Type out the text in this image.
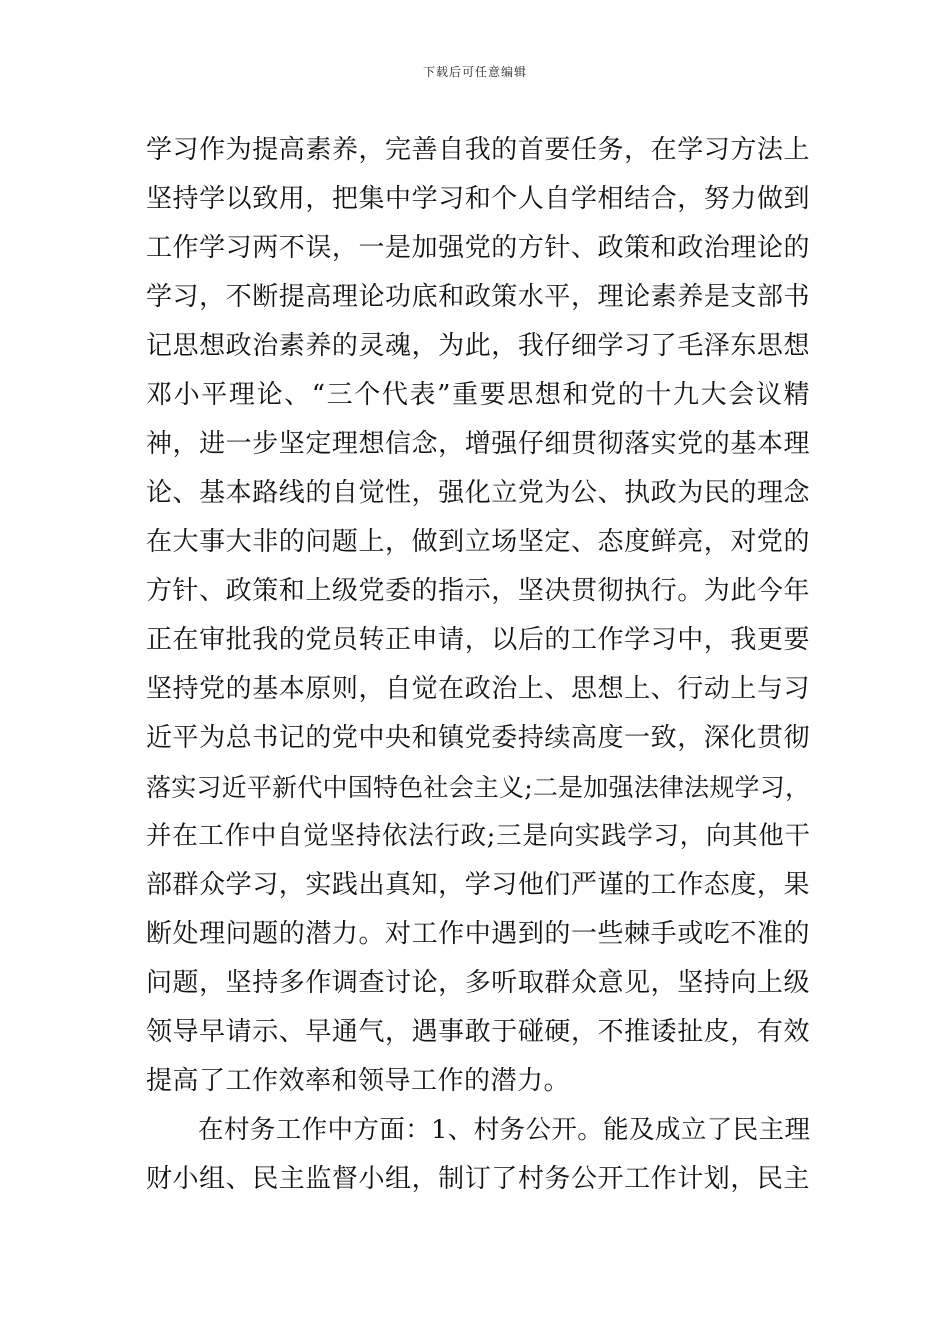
下载后可任意编辑
学习作为提高素养，完善自我的首要任务，在学习方法上
坚持学以致用，把集中学习和个人自学相结合，努力做到
工作学习两不误，一是加强党的方针、政策和政治理论的
学习，不断提高理论功底和政策水平，理论素养是支部书
记思想政治素养的灵魂，为此，我仔细学习了毛泽东思想
邓小平理论、“三个代表”重要思想和党的十九大会议精
神，进一步坚定理想信念，增强仔细贯彻落实党的基本理
论、基本路线的自觉性，强化立党为公、执政为民的理念
在大事大非的问题上，做到立场坚定、态度鲜亮，对党的
方针、政策和上级党委的指示，坚决贯彻执行。为此今年
正在审批我的党员转正申请，以后的工作学习中，我更要
坚持党的基本原则，自觉在政治上、思想上、行动上与习
近平为总书记的党中央和镇党委持续高度一致，深化贯彻
落实习近平新代中国特色社会主义;二是加强法律法规学习，
并在工作中自觉坚持依法行政;三是向实践学习，向其他干
部群众学习，实践出真知，学习他们严谨的工作态度，果
断处理问题的潜力。对工作中遇到的一些棘手或吃不准的
问题，坚持多作调查讨论，多听取群众意见，坚持向上级
领导早请示、早通气，遇事敢于碰硬，不推诿扯皮，有效
提高了工作效率和领导工作的潜力。
在村务工作中方面：1、村务公开。能及成立了民主理
财小组、民主监督小组，制订了村务公开工作计划，民主
